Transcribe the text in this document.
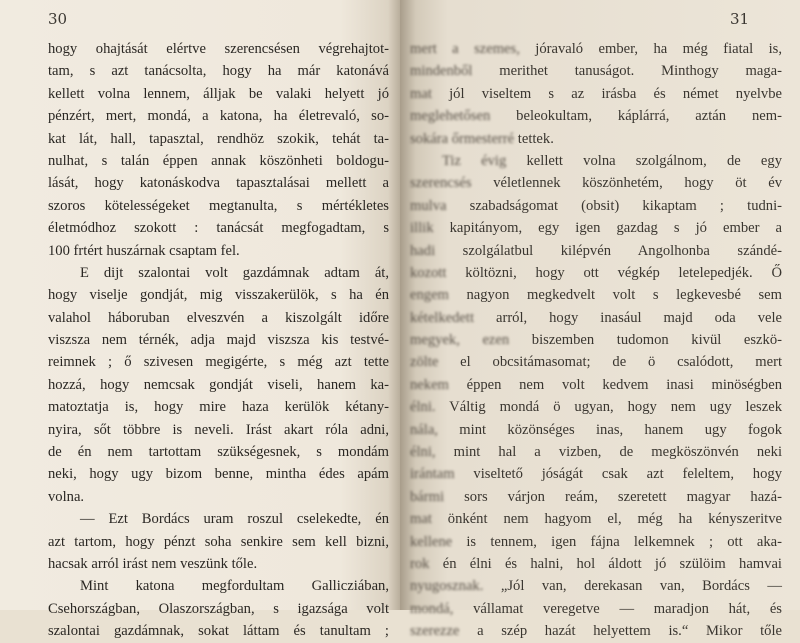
30
hogy ohajtását elértve szerencsésen végrehajtot-
tam, s azt tanácsolta, hogy ha már katonává
kellett volna lennem, álljak be valaki helyett jó
pénzért, mert, mondá, a katona, ha életrevaló, so-
kat lát, hall, tapasztal, rendhöz szokik, tehát ta-
nulhat, s talán éppen annak köszönheti boldogu-
lását, hogy katonáskodva tapasztalásai mellett a
szoros kötelességeket megtanulta, s mértékletes
életmódhoz szokott : tanácsát megfogadtam, s
100 frtért huszárnak csaptam fel.
E dijt szalontai volt gazdámnak adtam át,
hogy viselje gondját, mig visszakerülök, s ha én
valahol háboruban elveszvén a kiszolgált időre
viszsza nem térnék, adja majd viszsza kis testvé-
reimnek ; ő szivesen megigérte, s még azt tette
hozzá, hogy nemcsak gondját viseli, hanem ka-
matoztatja is, hogy mire haza kerülök kétany-
nyira, sőt többre is neveli. Irást akart róla adni,
de én nem tartottam szükségesnek, s mondám
neki, hogy ugy bizom benne, mintha édes apám
volna.
— Ezt Bordács uram roszul cselekedte, én
azt tartom, hogy pénzt soha senkire sem kell bizni,
hacsak arról irást nem veszünk tőle.
Mint katona megfordultam Gallicziában,
Csehországban, Olaszországban, s igazsága volt
szalontai gazdámnak, sokat láttam és tanultam ;
31
mert a szemes, jóravaló ember, ha még fiatal is,
mindenből merithet tanuságot. Minthogy maga-
mat jól viseltem s az irásba és német nyelvbe
meglehetősen beleokultam, káplárrá, aztán nem-
sokára őrmesterré tettek.
Tiz évig kellett volna szolgálnom, de egy
szerencsés véletlennek köszönhetém, hogy öt év
mulva szabadságomat (obsit) kikaptam ; tudni-
illik kapitányom, egy igen gazdag s jó ember a
hadi szolgálatbul kilépvén Angolhonba szándé-
kozott költözni, hogy ott végkép letelepedjék. Ő
engem nagyon megkedvelt volt s legkevesbé sem
kételkedett arról, hogy inasául majd oda vele
megyek, ezen biszemben tudomon kivül eszkö-
zölte el obcsitámasomat; de ö csalódott, mert
nekem éppen nem volt kedvem inasi minöségben
élni. Váltig mondá ö ugyan, hogy nem ugy leszek
nála, mint közönséges inas, hanem ugy fogok
élni, mint hal a vizben, de megköszönvén neki
irántam viseltető jóságát csak azt feleltem, hogy
bármi sors várjon reám, szeretett magyar hazá-
mat önként nem hagyom el, még ha kényszeritve
kellene is tennem, igen fájna lelkemnek ; ott aka-
rok én élni és halni, hol áldott jó szülöim hamvai
nyugosznak. „Jól van, derekasan van, Bordács —
mondá, vállamat veregetve — maradjon hát, és
szerezze a szép hazát helyettem is.“ Mikor tőle
